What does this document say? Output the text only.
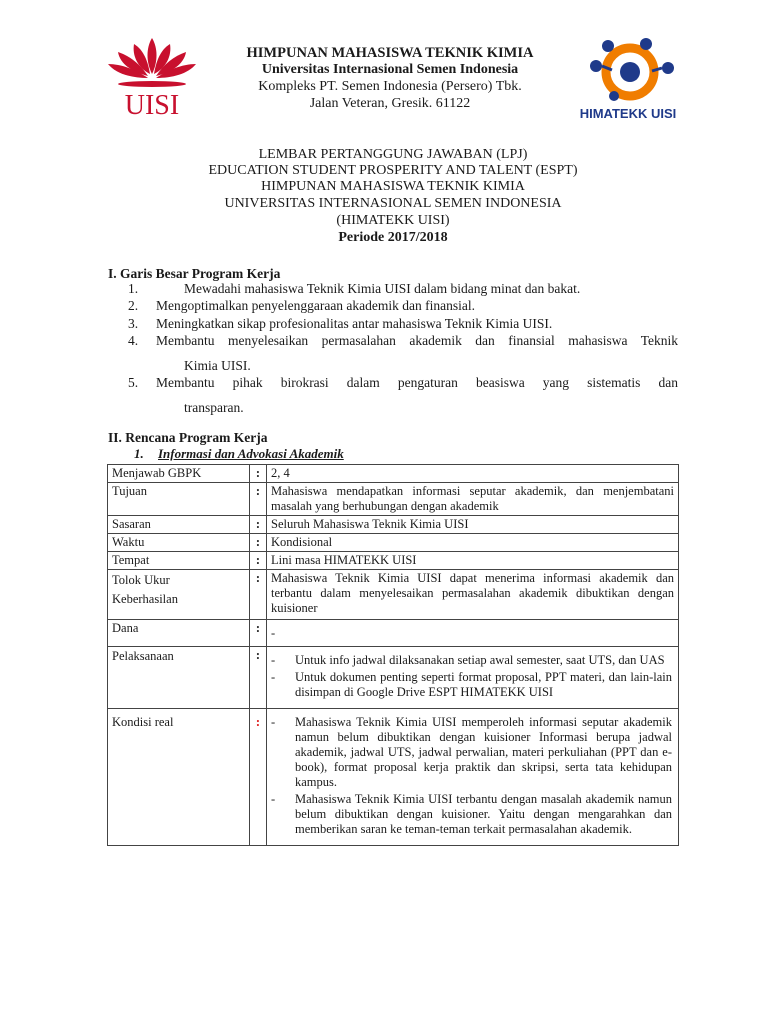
UISI	HIMATEKK UISI
HIMPUNAN MAHASISWA TEKNIK KIMIA
Universitas Internasional Semen Indonesia
Kompleks PT. Semen Indonesia (Persero) Tbk.
Jalan Veteran, Gresik. 61122
LEMBAR PERTANGGUNG JAWABAN (LPJ)
EDUCATION STUDENT PROSPERITY AND TALENT (ESPT)
HIMPUNAN MAHASISWA TEKNIK KIMIA
UNIVERSITAS INTERNASIONAL SEMEN INDONESIA
(HIMATEKK UISI)
Periode 2017/2018
I. Garis Besar Program Kerja
1.	Mewadahi mahasiswa Teknik Kimia UISI dalam bidang minat dan bakat.
2. Mengoptimalkan penyelenggaraan akademik dan finansial.
3. Meningkatkan sikap profesionalitas antar mahasiswa Teknik Kimia UISI.
4. Membantu menyelesaikan permasalahan akademik dan finansial mahasiswa Teknik
Kimia UISI.
5. Membantu pihak birokrasi dalam pengaturan beasiswa yang sistematis dan
transparan.
II. Rencana Program Kerja
1. Informasi dan Advokasi Akademik
Menjawab GBPK	:	2, 4
Tujuan	:	Mahasiswa mendapatkan informasi seputar akademik, dan menjembatani masalah yang berhubungan dengan akademik
Sasaran	:	Seluruh Mahasiswa Teknik Kimia UISI
Waktu	:	Kondisional
Tempat	:	Lini masa HIMATEKK UISI

Tolok Ukur
Keberhasilan	:	Mahasiswa Teknik Kimia UISI dapat menerima informasi akademik dan terbantu dalam menyelesaikan permasalahan akademik dibuktikan dengan kuisioner
Dana	:	-
Pelaksanaan	:	- Untuk info jadwal dilaksanakan setiap awal semester, saat UTS, dan UAS
- Untuk dokumen penting seperti format proposal, PPT materi, dan lain-lain disimpan di Google Drive ESPT HIMATEKK UISI

Kondisi real	:	- Mahasiswa Teknik Kimia UISI memperoleh informasi seputar akademik namun belum dibuktikan dengan kuisioner Informasi berupa jadwal akademik, jadwal UTS, jadwal perwalian, materi perkuliahan (PPT dan e-book), format proposal kerja praktik dan skripsi, serta tata kehidupan kampus.
- Mahasiswa Teknik Kimia UISI terbantu dengan masalah akademik namun belum dibuktikan dengan kuisioner. Yaitu dengan mengarahkan dan memberikan saran ke teman-teman terkait permasalahan akademik.
